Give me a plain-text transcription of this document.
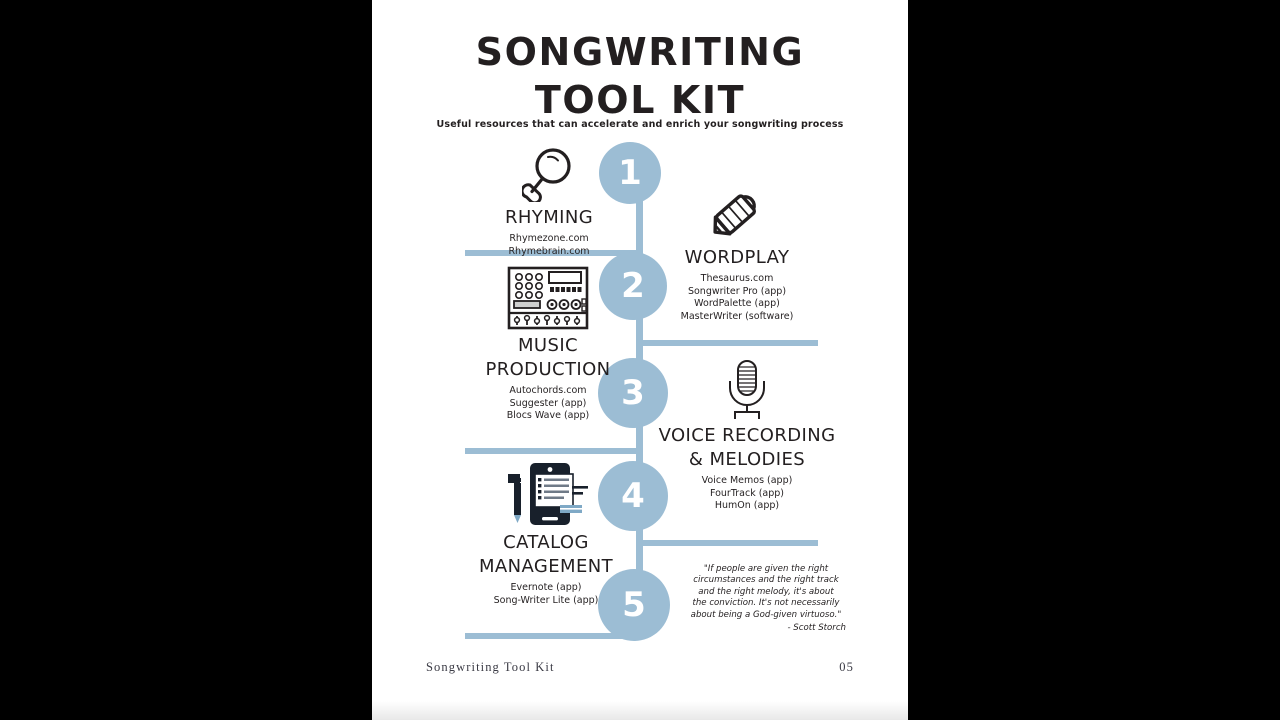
SONGWRITING
TOOL KIT
Useful resources that can accelerate and enrich your songwriting process
1
2
3
4
5
RHYMING
Rhymezone.com
Rhymebrain.com	WORDPLAY
Thesaurus.com
Songwriter Pro (app)
WordPalette (app)
MasterWriter (software)
MUSIC
PRODUCTION
Autochords.com
Suggester (app)
Blocs Wave (app)
VOICE RECORDING
& MELODIES
Voice Memos (app)
FourTrack (app)
HumOn (app)
CATALOG
MANAGEMENT
Evernote (app)
Song-Writer Lite (app)
"If people are given the right
circumstances and the right track
and the right melody, it's about
the conviction. It's not necessarily
about being a God-given virtuoso."
- Scott Storch
Songwriting Tool Kit	05
